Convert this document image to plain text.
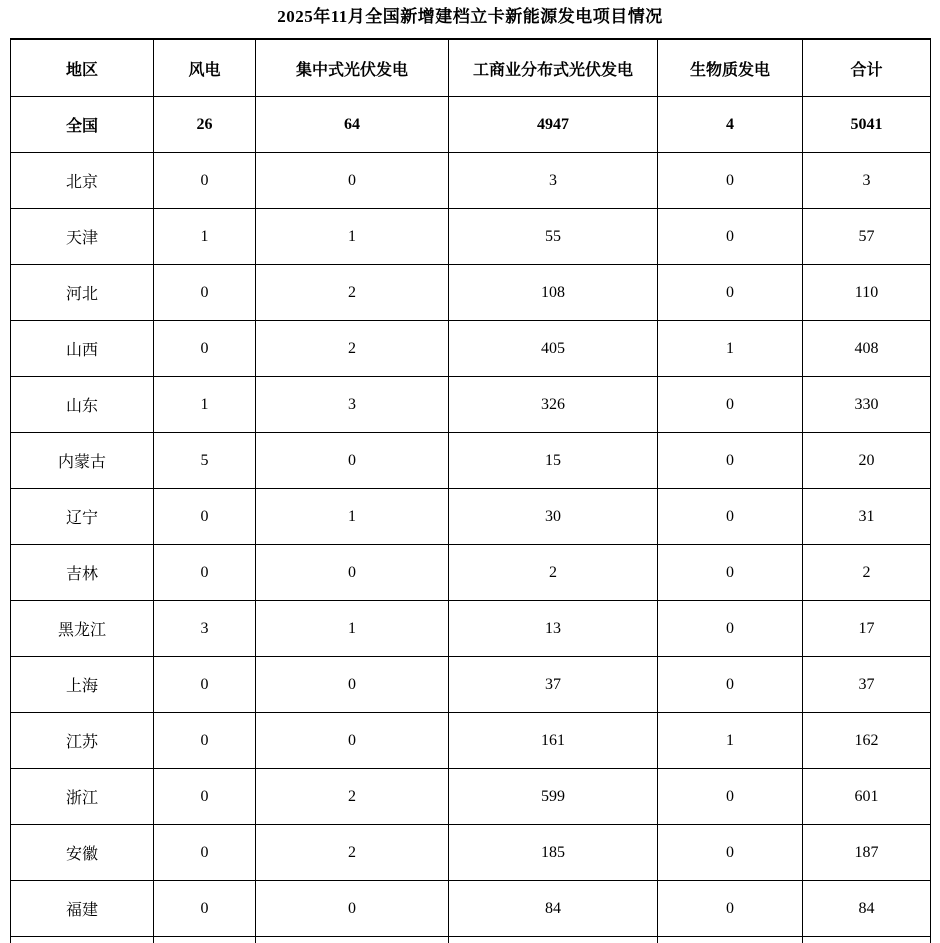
2025年11月全国新增建档立卡新能源发电项目情况
地区	风电	集中式光伏发电	工商业分布式光伏发电	生物质发电	合计
全国	26	64	4947	4	5041
北京	0	0	3	0	3
天津	1	1	55	0	57
河北	0	2	108	0	110
山西	0	2	405	1	408
山东	1	3	326	0	330
内蒙古	5	0	15	0	20
辽宁	0	1	30	0	31
吉林	0	0	2	0	2
黑龙江	3	1	13	0	17
上海	0	0	37	0	37
江苏	0	0	161	1	162
浙江	0	2	599	0	601
安徽	0	2	185	0	187
福建	0	0	84	0	84
